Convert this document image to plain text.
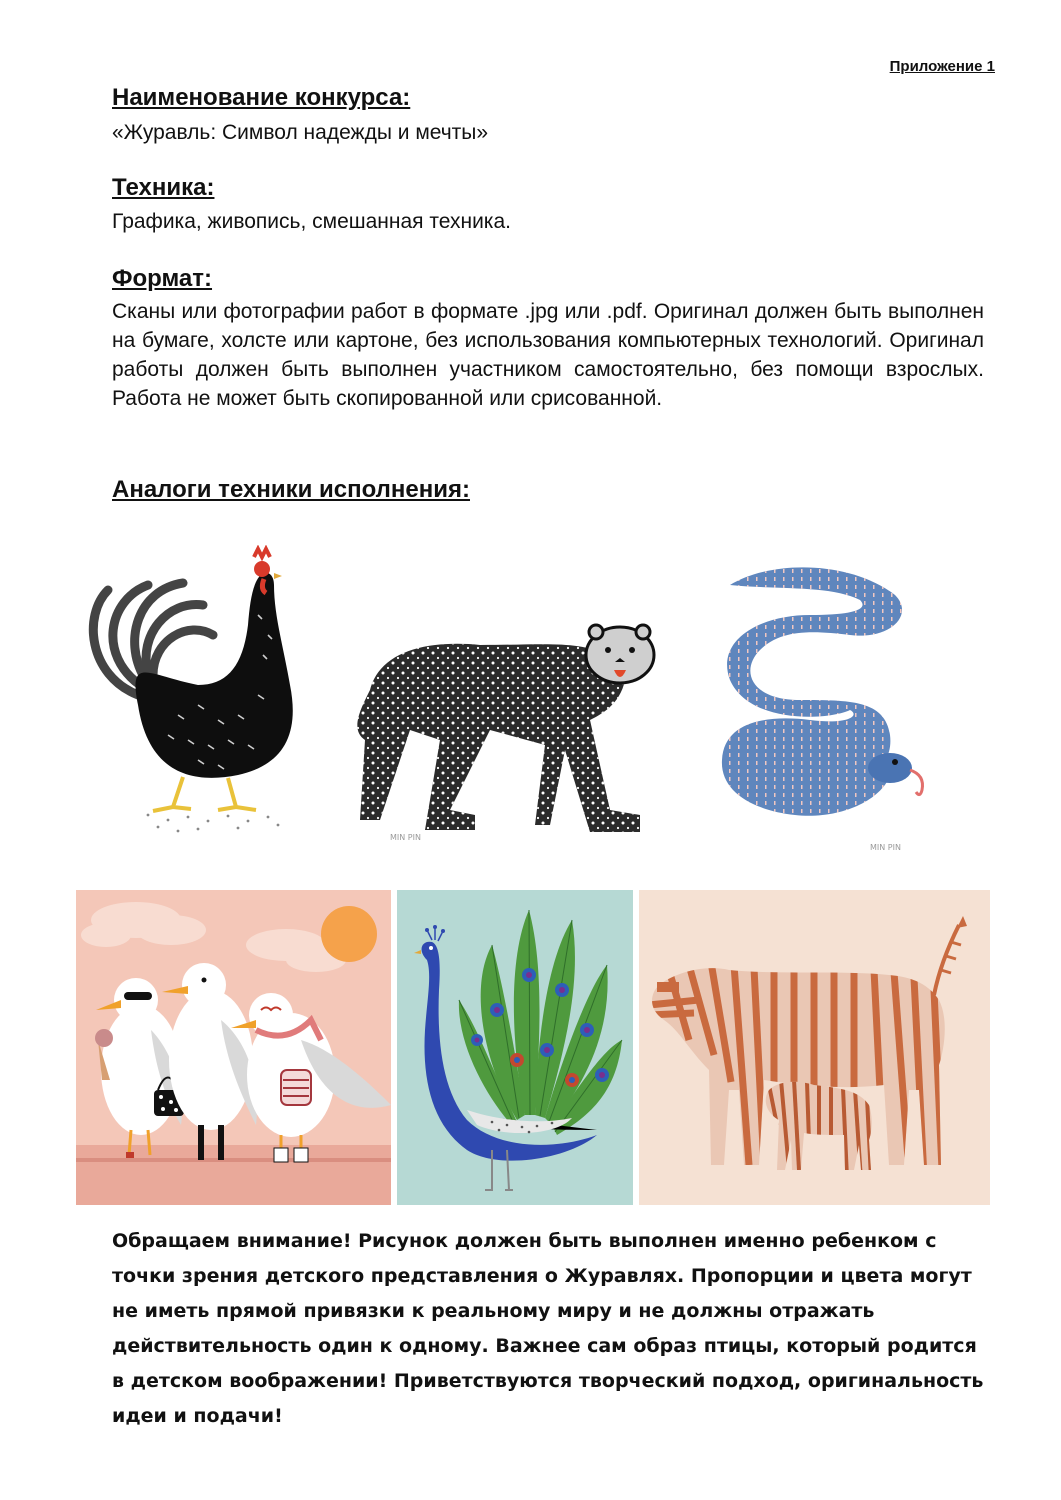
Приложение 1
Наименование конкурса:

«Журавль: Символ надежды и мечты»

Техника:

Графика, живопись, смешанная техника.

Формат:

Сканы или фотографии работ в формате .jpg или .pdf. Оригинал должен быть выполнен на бумаге, холсте или картоне, без использования компьютерных технологий. Оригинал работы должен быть выполнен участником самостоятельно, без помощи взрослых. Работа не может быть скопированной или срисованной.

Аналоги техники исполнения:
MIN PIN
MIN PIN

Обращаем внимание! Рисунок должен быть выполнен именно ребенком с точки зрения детского представления о Журавлях. Пропорции и цвета могут не иметь прямой привязки к реальному миру и не должны отражать действительность один к одному. Важнее сам образ птицы, который родится в детском воображении! Приветствуются творческий подход, оригинальность идеи и подачи!
